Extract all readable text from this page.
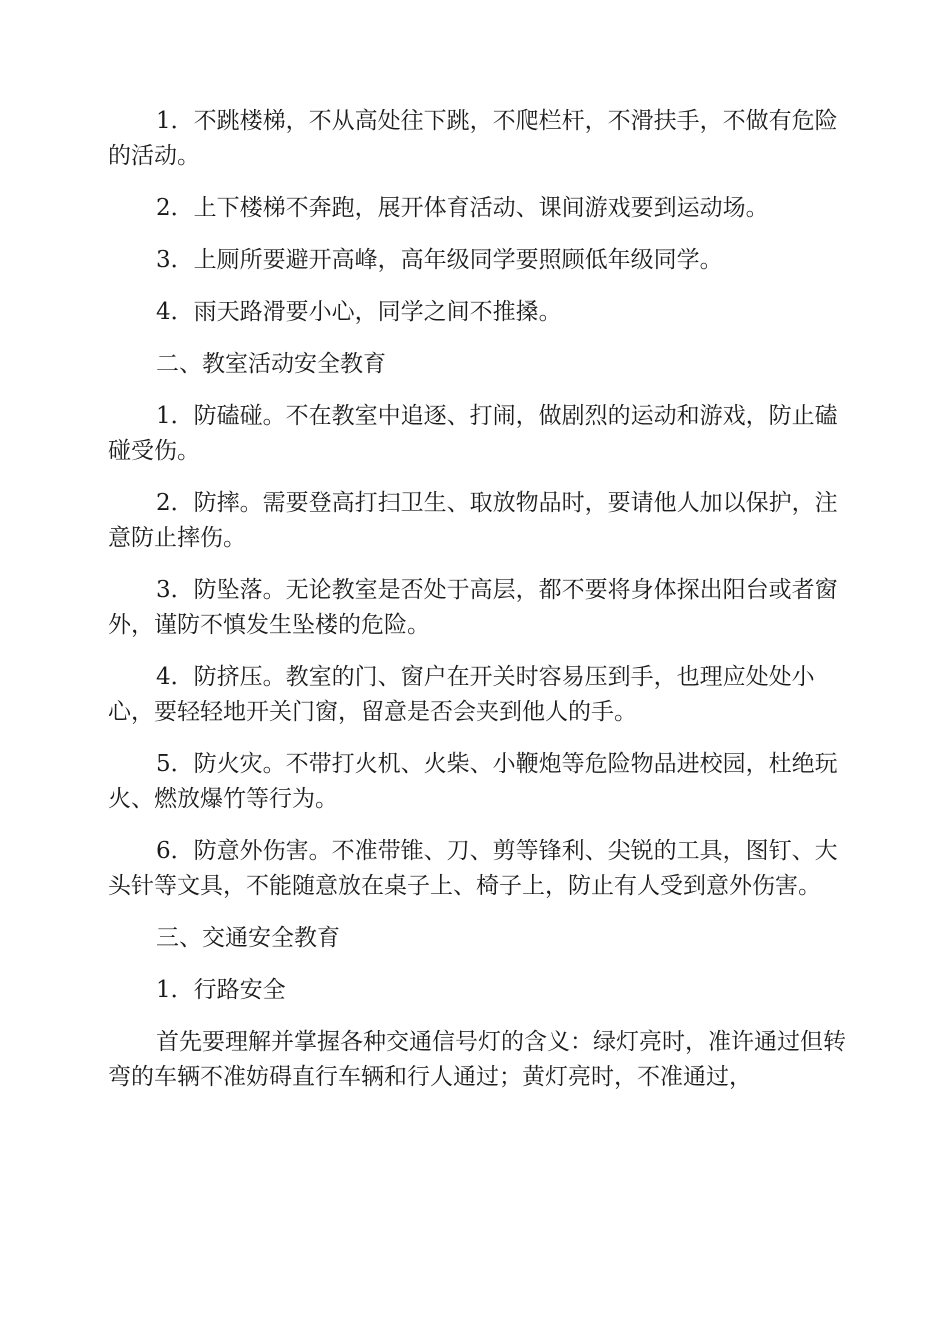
1．不跳楼梯，不从高处往下跳，不爬栏杆，不滑扶手，不做有危险的活动。

2．上下楼梯不奔跑，展开体育活动、课间游戏要到运动场。

3．上厕所要避开高峰，高年级同学要照顾低年级同学。

4．雨天路滑要小心，同学之间不推搡。

二、教室活动安全教育

1．防磕碰。不在教室中追逐、打闹，做剧烈的运动和游戏，防止磕碰受伤。

2．防摔。需要登高打扫卫生、取放物品时，要请他人加以保护，注意防止摔伤。

3．防坠落。无论教室是否处于高层，都不要将身体探出阳台或者窗外，谨防不慎发生坠楼的危险。

4．防挤压。教室的门、窗户在开关时容易压到手，也理应处处小心，要轻轻地开关门窗，留意是否会夹到他人的手。

5．防火灾。不带打火机、火柴、小鞭炮等危险物品进校园，杜绝玩火、燃放爆竹等行为。

6．防意外伤害。不准带锥、刀、剪等锋利、尖锐的工具，图钉、大头针等文具，不能随意放在桌子上、椅子上，防止有人受到意外伤害。

三、交通安全教育

1．行路安全

首先要理解并掌握各种交通信号灯的含义：绿灯亮时，准许通过但转弯的车辆不准妨碍直行车辆和行人通过；黄灯亮时，不准通过，
